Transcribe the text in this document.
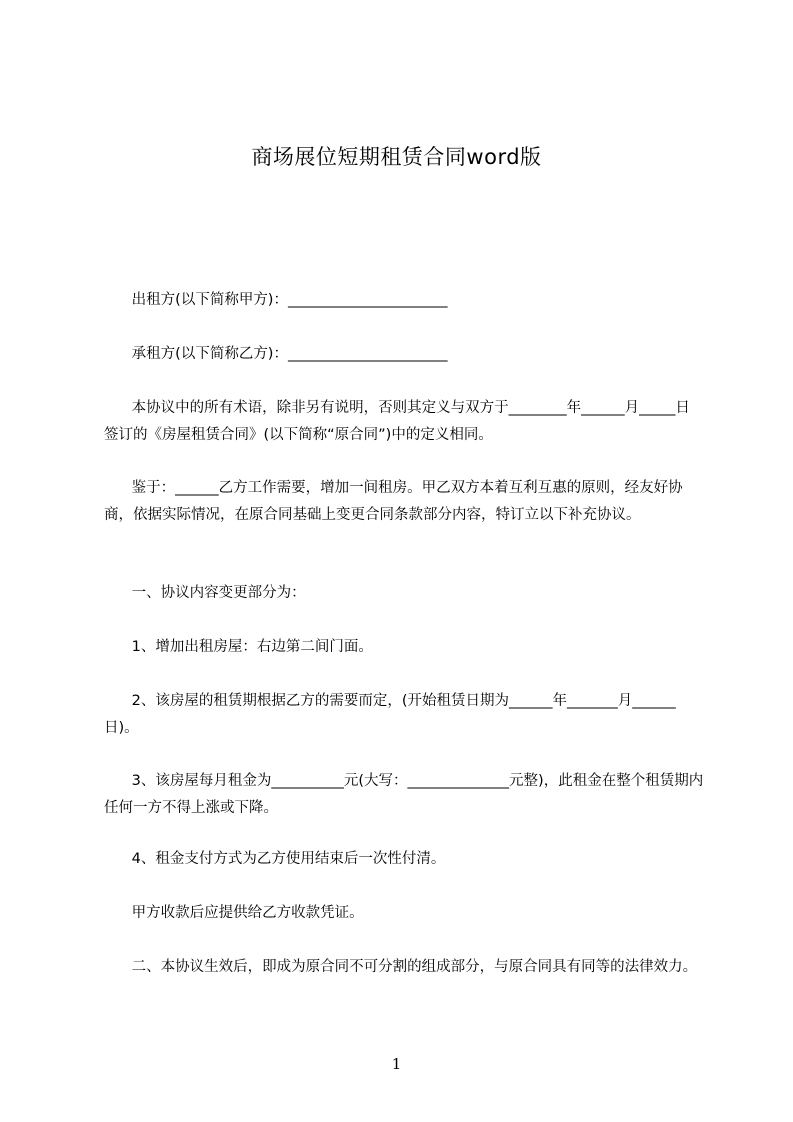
商场展位短期租赁合同word版
出租方(以下简称甲方)：______________________
承租方(以下简称乙方)：______________________
本协议中的所有术语，除非另有说明，否则其定义与双方于________年______月_____日签订的《房屋租赁合同》(以下简称“原合同”)中的定义相同。
鉴于：______乙方工作需要，增加一间租房。甲乙双方本着互利互惠的原则，经友好协商，依据实际情况，在原合同基础上变更合同条款部分内容，特订立以下补充协议。
一、协议内容变更部分为：
1、增加出租房屋：右边第二间门面。
2、该房屋的租赁期根据乙方的需要而定，(开始租赁日期为______年_______月______日)。
3、该房屋每月租金为__________元(大写：______________元整)，此租金在整个租赁期内任何一方不得上涨或下降。
4、租金支付方式为乙方使用结束后一次性付清。
甲方收款后应提供给乙方收款凭证。
二、本协议生效后，即成为原合同不可分割的组成部分，与原合同具有同等的法律效力。
1
